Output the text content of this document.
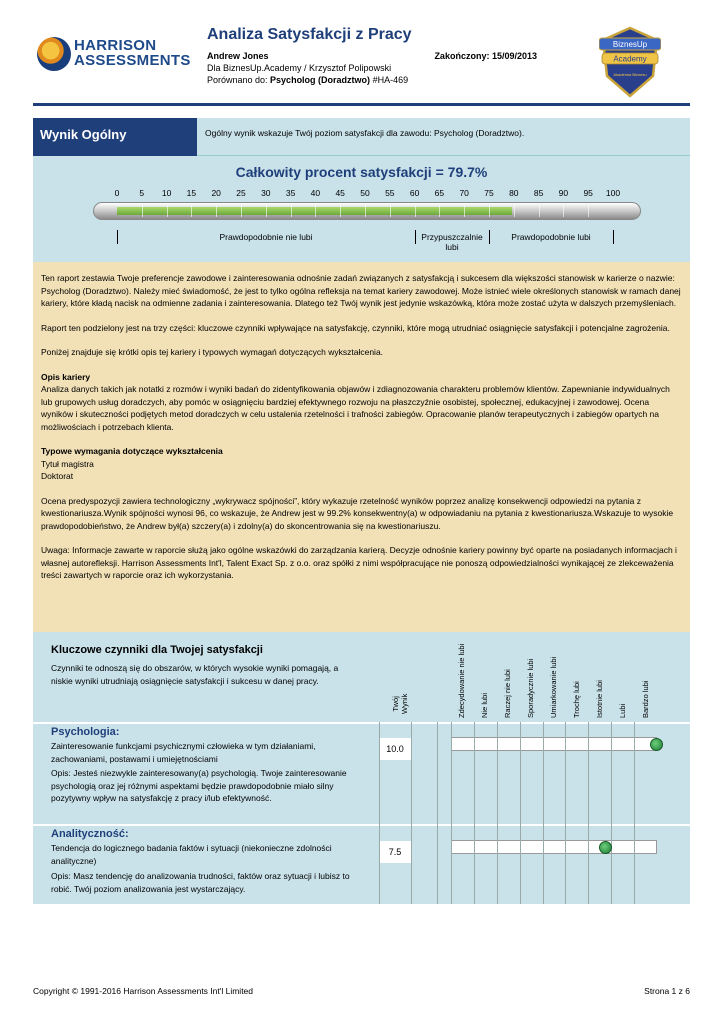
HARRISON
ASSESSMENTS
Analiza Satysfakcji z Pracy
Andrew Jones	Zakończony: 15/09/2013
Dla BiznesUp.Academy / Krzysztof Polipowski
Porównano do: Psycholog (Doradztwo) #HA-469
BiznesUp
Academy
Akademia Biznesu
Wynik Ogólny	Ogólny wynik wskazuje Twój poziom satysfakcji dla zawodu: Psycholog (Doradztwo).
Całkowity procent satysfakcji = 79.7%
0 5 10 15 20 25 30 35 40 45 50 55 60 65 70 75 80 85 90 95 100
Prawdopodobnie nie lubi	Przypuszczalnie
lubi
Prawdopodobnie lubi

Ten raport zestawia Twoje preferencje zawodowe i zainteresowania odnośnie zadań związanych z satysfakcją i sukcesem dla większości stanowisk w karierze o nazwie: Psycholog (Doradztwo). Należy mieć świadomość, że jest to tylko ogólna refleksja na temat kariery zawodowej. Może istnieć wiele określonych stanowisk w ramach danej kariery, które kładą nacisk na odmienne zadania i zainteresowania. Dlatego też Twój wynik jest jedynie wskazówką, która może zostać użyta w dalszych przemyśleniach.

Raport ten podzielony jest na trzy części: kluczowe czynniki wpływające na satysfakcję, czynniki, które mogą utrudniać osiągnięcie satysfakcji i potencjalne zagrożenia.

Poniżej znajduje się krótki opis tej kariery i typowych wymagań dotyczących wykształcenia.

Opis kariery

Analiza danych takich jak notatki z rozmów i wyniki badań do zidentyfikowania objawów i zdiagnozowania charakteru problemów klientów. Zapewnianie indywidualnych lub grupowych usług doradczych, aby pomóc w osiągnięciu bardziej efektywnego rozwoju na płaszczyźnie osobistej, społecznej, edukacyjnej i zawodowej. Ocena wyników i skuteczności podjętych metod doradczych w celu ustalenia rzetelności i trafności zabiegów. Opracowanie planów terapeutycznych i zabiegów opartych na możliwościach i potrzebach klienta.

Typowe wymagania dotyczące wykształcenia

Tytuł magistra

Doktorat

Ocena predyspozycji zawiera technologiczny „wykrywacz spójności”, który wykazuje rzetelność wyników poprzez analizę konsekwencji odpowiedzi na pytania z kwestionariusza.Wynik spójności wynosi 96, co wskazuje, że Andrew jest w 99.2% konsekwentny(a) w odpowiadaniu na pytania z kwestionariusza.Wskazuje to wysokie prawdopodobieństwo, że Andrew był(a) szczery(a) i zdolny(a) do skoncentrowania się na kwestionariuszu.

Uwaga: Informacje zawarte w raporcie służą jako ogólne wskazówki do zarządzania karierą. Decyzje odnośnie kariery powinny być oparte na posiadanych informacjach i własnej autorefleksji. Harrison Assessments Int'l, Talent Exact Sp. z o.o. oraz spółki z nimi współpracujące nie ponoszą odpowiedzialności wynikającej ze zlekceważenia treści zawartych w raporcie oraz ich wykorzystania.

Kluczowe czynniki dla Twojej satysfakcji
Czynniki te odnoszą się do obszarów, w których wysokie wyniki pomagają, a niskie wyniki utrudniają osiągnięcie satysfakcji i sukcesu w danej pracy.
Twój Wynik
Psychologia:
Zainteresowanie funkcjami psychicznymi człowieka w tym działaniami, zachowaniami, postawami i umiejętnościami
Opis: Jesteś niezwykle zainteresowany(a) psychologią. Twoje zainteresowanie psychologią oraz jej różnymi aspektami będzie prawdopodobnie miało silny pozytywny wpływ na satysfakcję z pracy i/lub efektywność.
10.0
Analityczność:
Tendencja do logicznego badania faktów i sytuacji (niekonieczne zdolności analityczne)
Opis: Masz tendencję do analizowania trudności, faktów oraz sytuacji i lubisz to robić. Twój poziom analizowania jest wystarczający.
7.5
Zdecydowanie nie lubi Nie lubi Raczej nie lubi Sporadycznie lubi Umiarkowanie lubi Trochę lubi Istotnie lubi Lubi Bardzo lubi
Copyright © 1991-2016 Harrison Assessments Int'l Limited	Strona 1 z 6
